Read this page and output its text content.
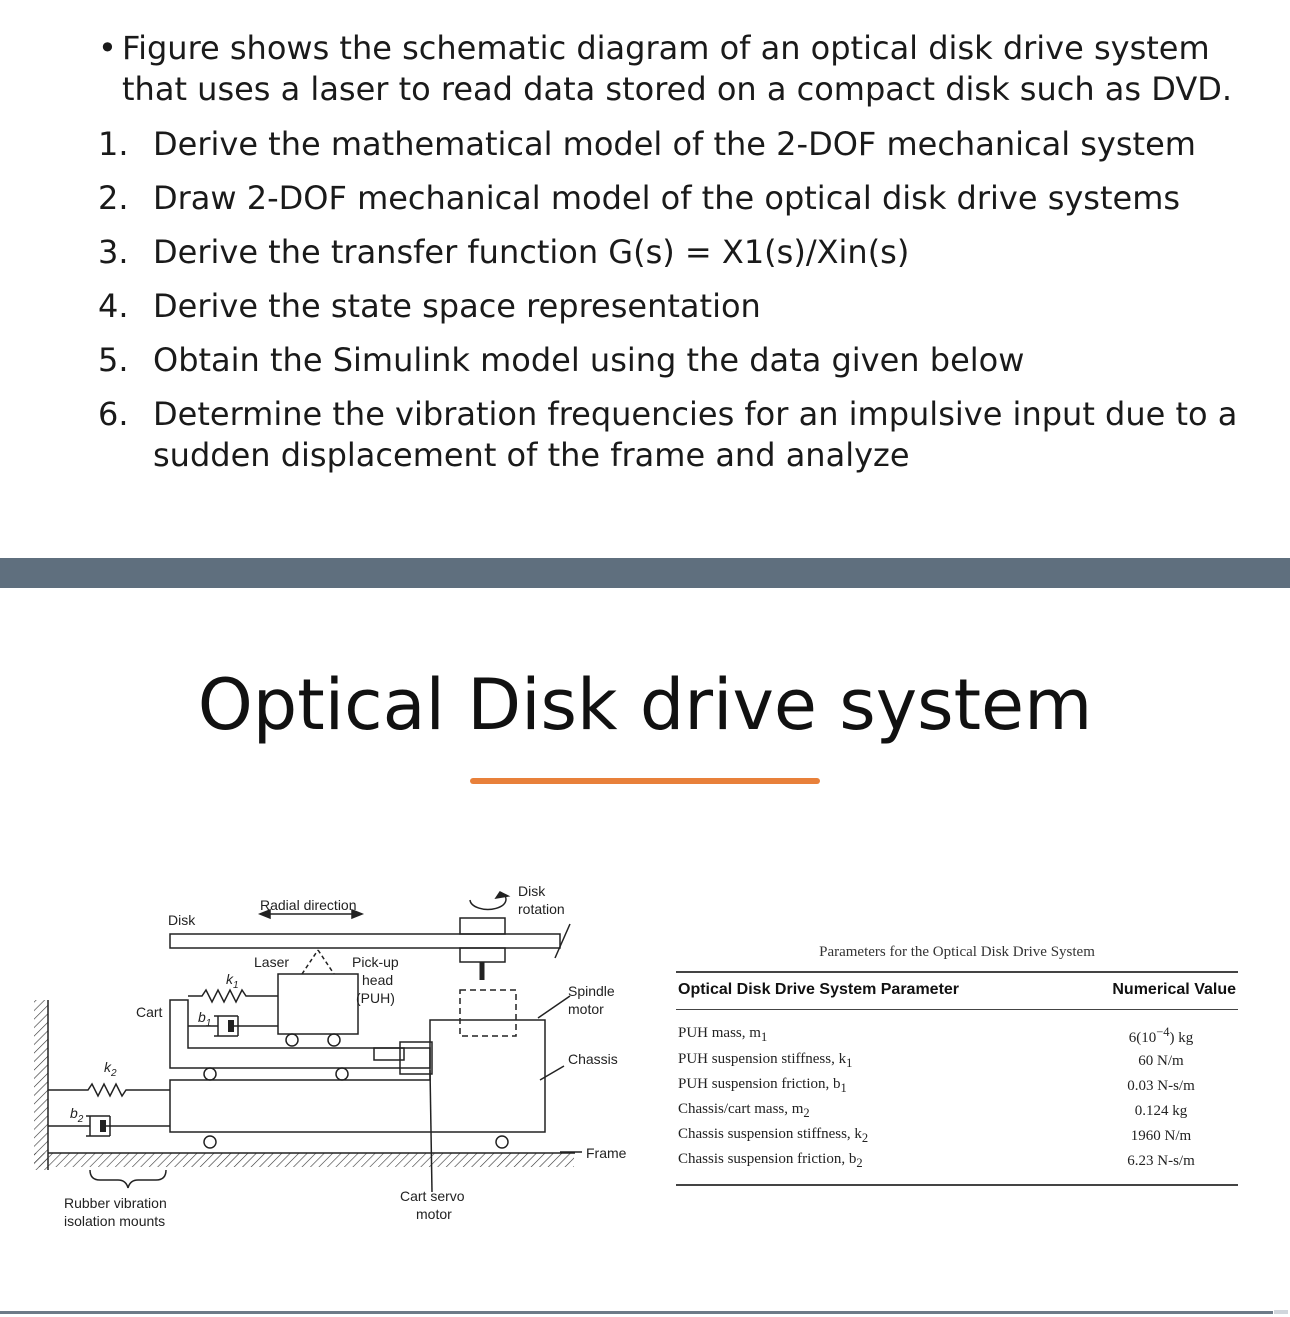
• Figure shows the schematic diagram of an optical disk drive system that uses a laser to read data stored on a compact disk such as DVD.
1. Derive the mathematical model of the 2-DOF mechanical system
2. Draw 2-DOF mechanical model of the optical disk drive systems
3. Derive the transfer function G(s) = X1(s)/Xin(s)
4. Derive the state space representation
5. Obtain the Simulink model using the data given below
6. Determine the vibration frequencies for an impulsive input due to a sudden displacement of the frame and analyze
Optical Disk drive system
Disk
Radial direction
Disk
rotation
Laser
$k_1$
$b_1$
Pick-up
head
(PUH)
Cart
Spindle
motor
Chassis
$k_2$
$b_2$
Frame
Rubber vibration
isolation mounts
Cart servo
motor

Parameters for the Optical Disk Drive System

Optical Disk Drive System Parameter	Numerical Value
PUH mass, $m_1$	$6(10^{-4})$ kg
PUH suspension stiffness, $k_1$	60 N/m
PUH suspension friction, $b_1$	0.03 N-s/m
Chassis/cart mass, $m_2$	0.124 kg
Chassis suspension stiffness, $k_2$	1960 N/m
Chassis suspension friction, $b_2$	6.23 N-s/m
